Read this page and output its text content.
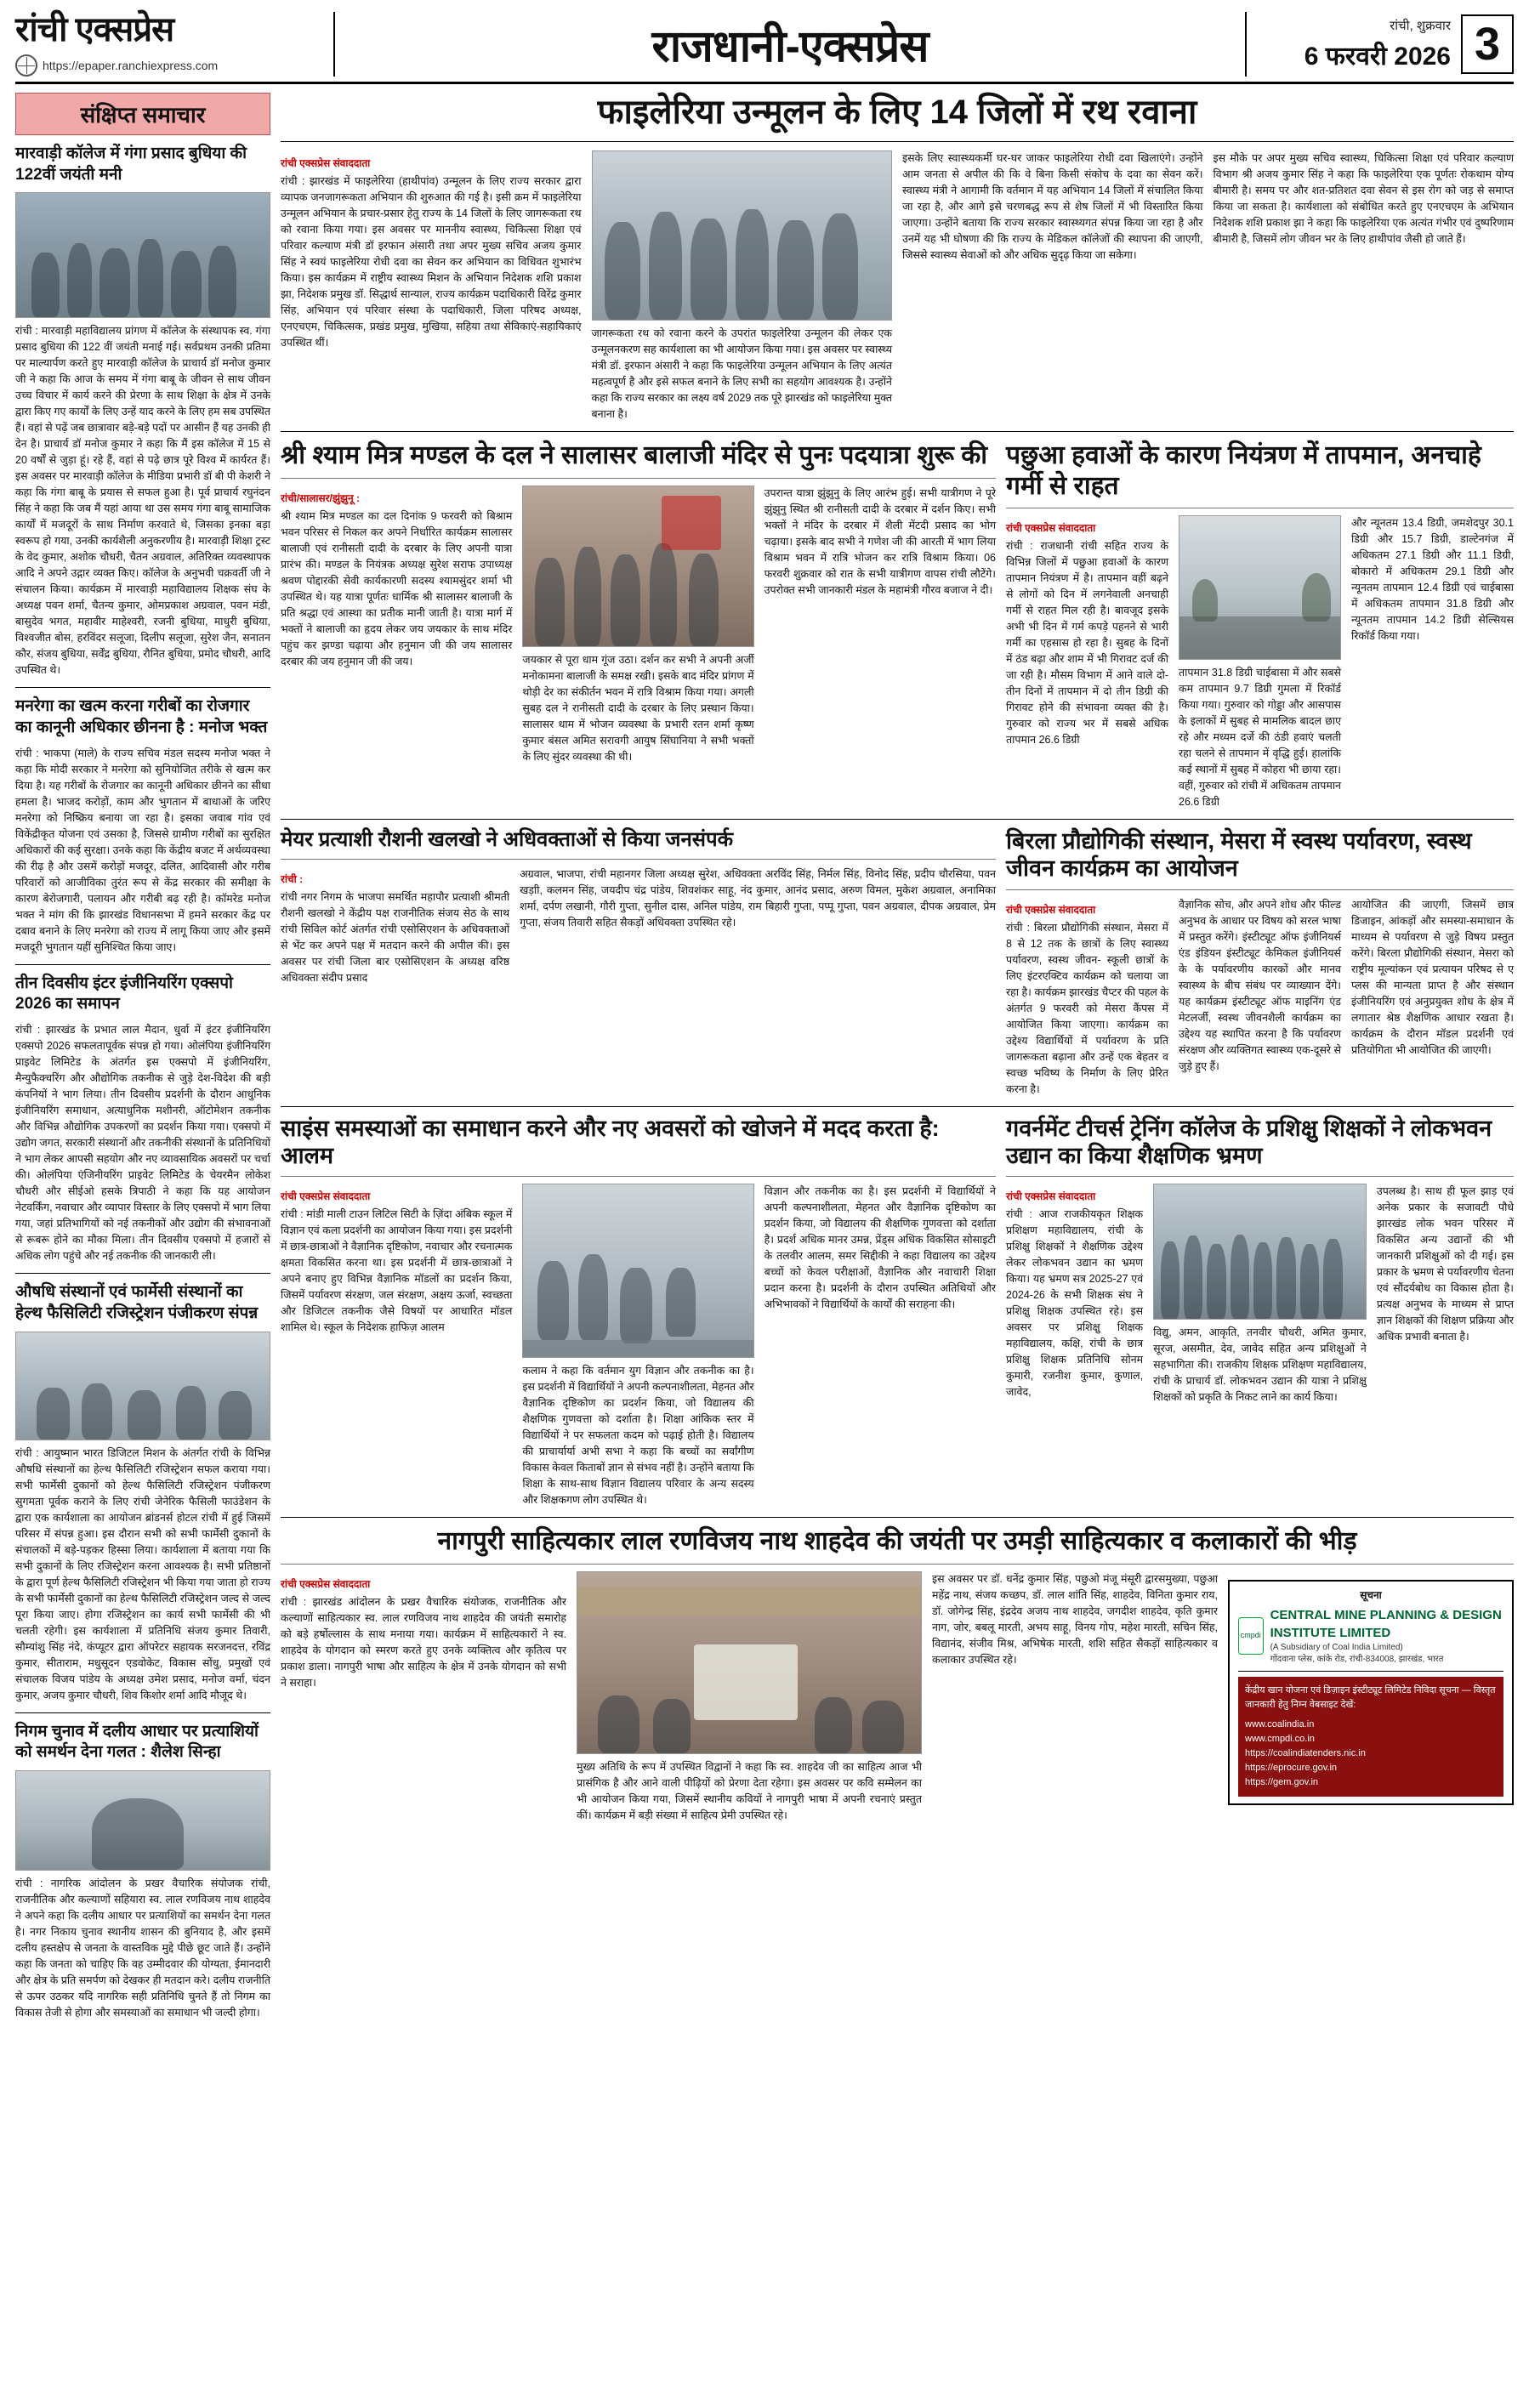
रांची एक्सप्रेस
https://epaper.ranchiexpress.com	राजधानी-एक्सप्रेस	रांची, शुक्रवार
6 फरवरी 2026 3
संक्षिप्त समाचार
मारवाड़ी कॉलेज में गंगा प्रसाद बुधिया की 122वीं जयंती मनी
रांची : मारवाड़ी महाविद्यालय प्रांगण में कॉलेज के संस्थापक स्व. गंगा प्रसाद बुधिया की 122 वीं जयंती मनाई गई। सर्वप्रथम उनकी प्रतिमा पर माल्यार्पण करते हुए मारवाड़ी कॉलेज के प्राचार्य डॉ मनोज कुमार जी ने कहा कि आज के समय में गंगा बाबू के जीवन से साथ जीवन उच्च विचार में कार्य करने की प्रेरणा के साथ शिक्षा के क्षेत्र में उनके द्वारा किए गए कार्यों के लिए उन्हें याद करने के लिए हम सब उपस्थित हैं। वहां से पढ़ें जब छात्रावार बड़े-बड़े पदों पर आसीन हैं यह उनकी ही देन है। प्राचार्य डॉ मनोज कुमार ने कहा कि मैं इस कॉलेज में 15 से 20 वर्षों से जुड़ा हूं। रहे हैं, वहां से पढ़े छात्र पूरे विश्व में कार्यरत हैं। इस अवसर पर मारवाड़ी कॉलेज के मीडिया प्रभारी डॉ बी पी केशरी ने कहा कि गंगा बाबू के प्रयास से सफल हुआ है। पूर्व प्राचार्य रघुनंदन सिंह ने कहा कि जब मैं यहां आया था उस समय गंगा बाबू सामाजिक कार्यों में मजदूरों के साथ निर्माण करवाते थे, जिसका इनका बड़ा स्वरूप हो गया, उनकी कार्यशैली अनुकरणीय है। मारवाड़ी शिक्षा ट्रस्ट के वेद कुमार, अशोक चौधरी, चैतन अग्रवाल, अतिरिक्त व्यवस्थापक आदि ने अपने उद्गार व्यक्त किए। कॉलेज के अनुभवी चक्रवर्ती जी ने संचालन किया। कार्यक्रम में मारवाड़ी महाविद्यालय शिक्षक संघ के अध्यक्ष पवन शर्मा, चैतन्य कुमार, ओमप्रकाश अग्रवाल, पवन मंडी, बासुदेव भगत, महावीर माहेश्वरी, रजनी बुधिया, माधुरी बुधिया, विश्वजीत बोस, हरविंदर सलूजा, दिलीप सलूजा, सुरेश जैन, सनातन कौर, संजय बुधिया, सर्वेंद्र बुधिया, रौनित बुधिया, प्रमोद चौधरी, आदि उपस्थित थे।
मनरेगा का खत्म करना गरीबों का रोजगार का कानूनी अधिकार छीनना है : मनोज भक्त
रांची : भाकपा (माले) के राज्य सचिव मंडल सदस्य मनोज भक्त ने कहा कि मोदी सरकार ने मनरेगा को सुनियोजित तरीके से खत्म कर दिया है। यह गरीबों के रोजगार का कानूनी अधिकार छीनने का सीधा हमला है। भाजद करोड़ों, काम और भुगतान में बाधाओं के जरिए मनरेगा को निष्क्रिय बनाया जा रहा है। इसका जवाब गांव एवं विकेंद्रीकृत योजना एवं उसका है, जिससे ग्रामीण गरीबों का सुरक्षित अधिकारों की कई सुरक्षा। उनके कहा कि केंद्रीय बजट में अर्थव्यवस्था की रीढ़ है और उसमें करोड़ों मजदूर, दलित, आदिवासी और गरीब परिवारों को आजीविका तुरंत रूप से केंद्र सरकार की समीक्षा के कारण बेरोजगारी, पलायन और गरीबी बढ़ रही है। कॉमरेड मनोज भक्त ने मांग की कि झारखंड विधानसभा में हमने सरकार केंद्र पर दबाव बनाने के लिए मनरेगा को राज्य में लागू किया जाए और इसमें मजदूरी भुगतान यहीं सुनिश्चित किया जाए।
तीन दिवसीय इंटर इंजीनियरिंग एक्सपो 2026 का समापन
रांची : झारखंड के प्रभात लाल मैदान, धुर्वा में इंटर इंजीनियरिंग एक्सपो 2026 सफलतापूर्वक संपन्न हो गया। ओलंपिया इंजीनियरिंग प्राइवेट लिमिटेड के अंतर्गत इस एक्सपो में इंजीनियरिंग, मैन्युफैक्चरिंग और औद्योगिक तकनीक से जुड़े देश-विदेश की बड़ी कंपनियों ने भाग लिया। तीन दिवसीय प्रदर्शनी के दौरान आधुनिक इंजीनियरिंग समाधान, अत्याधुनिक मशीनरी, ऑटोमेशन तकनीक और विभिन्न औद्योगिक उपकरणों का प्रदर्शन किया गया। एक्सपो में उद्योग जगत, सरकारी संस्थानों और तकनीकी संस्थानों के प्रतिनिधियों ने भाग लेकर आपसी सहयोग और नए व्यावसायिक अवसरों पर चर्चा की। ओलंपिया एंजिनीयरिंग प्राइवेट लिमिटेड के चेयरमैन लोकेश चौधरी और सीईओ हसके त्रिपाठी ने कहा कि यह आयोजन नेटवर्किंग, नवाचार और व्यापार विस्तार के लिए एक्सपो में भाग लिया गया, जहां प्रतिभागियों को नई तकनीकों और उद्योग की संभावनाओं से रूबरू होने का मौका मिला। तीन दिवसीय एक्सपो में हजारों से अधिक लोग पहुंचे और नई तकनीक की जानकारी ली।
औषधि संस्थानों एवं फार्मेसी संस्थानों का हेल्थ फैसिलिटी रजिस्ट्रेशन पंजीकरण संपन्न
रांची : आयुष्मान भारत डिजिटल मिशन के अंतर्गत रांची के विभिन्न औषधि संस्थानों का हेल्थ फैसिलिटी रजिस्ट्रेशन सफल कराया गया। सभी फार्मेसी दुकानों को हेल्थ फैसिलिटी रजिस्ट्रेशन पंजीकरण सुगमता पूर्वक कराने के लिए रांची जेनेरिक फैसिली फाउंडेशन के द्वारा एक कार्यशाला का आयोजन ब्रांडनर्स होटल रांची में हुई जिसमें परिसर में संपन्न हुआ। इस दौरान सभी को सभी फार्मेसी दुकानों के संचालकों में बड़े-पड़कर हिस्सा लिया। कार्यशाला में बताया गया कि सभी दुकानों के लिए रजिस्ट्रेशन करना आवश्यक है। सभी प्रतिष्ठानों के द्वारा पूर्ण हेल्थ फैसिलिटी रजिस्ट्रेशन भी किया गया जाता हो राज्य के सभी फार्मेसी दुकानों का हेल्थ फैसिलिटी रजिस्ट्रेशन जल्द से जल्द पूरा किया जाए। होगा रजिस्ट्रेशन का कार्य सभी फार्मेसी की भी चलती रहेगी। इस कार्यशाला में प्रतिनिधि संजय कुमार तिवारी, सौम्यांशु सिंह नंदे, कंप्यूटर द्वारा ऑपरेटर सहायक सरजनदत्त, रविंद्र कुमार, सीताराम, मधुसूदन एडवोकेट, विकास सोंधु, प्रमुखों एवं संचालक विजय पांडेय के अध्यक्ष उमेश प्रसाद, मनोज वर्मा, चंदन कुमार, अजय कुमार चौधरी, शिव किशोर शर्मा आदि मौजूद थे।
निगम चुनाव में दलीय आधार पर प्रत्याशियों को समर्थन देना गलत : शैलेश सिन्हा
रांची : नागरिक आंदोलन के प्रखर वैचारिक संयोजक रांची, राजनीतिक और कल्याणों सहियारा स्व. लाल रणविजय नाथ शाहदेव ने अपने कहा कि दलीय आधार पर प्रत्याशियों का समर्थन देना गलत है। नगर निकाय चुनाव स्थानीय शासन की बुनियाद है, और इसमें दलीय हस्तक्षेप से जनता के वास्तविक मुद्दे पीछे छूट जाते हैं। उन्होंने कहा कि जनता को चाहिए कि वह उम्मीदवार की योग्यता, ईमानदारी और क्षेत्र के प्रति समर्पण को देखकर ही मतदान करे। दलीय राजनीति से ऊपर उठकर यदि नागरिक सही प्रतिनिधि चुनते हैं तो निगम का विकास तेजी से होगा और समस्याओं का समाधान भी जल्दी होगा।
फाइलेरिया उन्मूलन के लिए 14 जिलों में रथ रवाना
रांची एक्सप्रेस संवाददाता
रांची : झारखंड में फाइलेरिया (हाथीपांव) उन्मूलन के लिए राज्य सरकार द्वारा व्यापक जनजागरूकता अभियान की शुरुआत की गई है। इसी क्रम में फाइलेरिया उन्मूलन अभियान के प्रचार-प्रसार हेतु राज्य के 14 जिलों के लिए जागरूकता रथ को रवाना किया गया। इस अवसर पर माननीय स्वास्थ्य, चिकित्सा शिक्षा एवं परिवार कल्याण मंत्री डॉ इरफान अंसारी तथा अपर मुख्य सचिव अजय कुमार सिंह ने स्वयं फाइलेरिया रोधी दवा का सेवन कर अभियान का विधिवत शुभारंभ किया। इस कार्यक्रम में राष्ट्रीय स्वास्थ्य मिशन के अभियान निदेशक शशि प्रकाश झा, निदेशक प्रमुख डॉ. सिद्धार्थ सान्याल, राज्य कार्यक्रम पदाधिकारी विरेंद्र कुमार सिंह, अभियान एवं परिवार संस्था के पदाधिकारी, जिला परिषद अध्यक्ष, एनएचएम, चिकित्सक, प्रखंड प्रमुख, मुखिया, सहिया तथा सेविकाएं-सहायिकाएं उपस्थित थीं।
जागरूकता रथ को रवाना करने के उपरांत फाइलेरिया उन्मूलन की लेकर एक उन्मूलनकरण सह कार्यशाला का भी आयोजन किया गया। इस अवसर पर स्वास्थ्य मंत्री डॉ. इरफान अंसारी ने कहा कि फाइलेरिया उन्मूलन अभियान के लिए अत्यंत महत्वपूर्ण है और इसे सफल बनाने के लिए सभी का सहयोग आवश्यक है। उन्होंने कहा कि राज्य सरकार का लक्ष्य वर्ष 2029 तक पूरे झारखंड को फाइलेरिया मुक्त बनाना है।
इसके लिए स्वास्थ्यकर्मी घर-घर जाकर फाइलेरिया रोधी दवा खिलाएंगे। उन्होंने आम जनता से अपील की कि वे बिना किसी संकोच के दवा का सेवन करें। स्वास्थ्य मंत्री ने आगामी कि वर्तमान में यह अभियान 14 जिलों में संचालित किया जा रहा है, और आगे इसे चरणबद्ध रूप से शेष जिलों में भी विस्तारित किया जाएगा। उन्होंने बताया कि राज्य सरकार स्वास्थ्यगत संपन्न किया जा रहा है और उनमें यह भी घोषणा की कि राज्य के मेडिकल कॉलेजों की स्थापना की जाएगी, जिससे स्वास्थ्य सेवाओं को और अधिक सुदृढ़ किया जा सकेगा।
इस मौके पर अपर मुख्य सचिव स्वास्थ्य, चिकित्सा शिक्षा एवं परिवार कल्याण विभाग श्री अजय कुमार सिंह ने कहा कि फाइलेरिया एक पूर्णतः रोकथाम योग्य बीमारी है। समय पर और शत-प्रतिशत दवा सेवन से इस रोग को जड़ से समाप्त किया जा सकता है। कार्यशाला को संबोधित करते हुए एनएचएम के अभियान निदेशक शशि प्रकाश झा ने कहा कि फाइलेरिया एक अत्यंत गंभीर एवं दुष्परिणाम बीमारी है, जिसमें लोग जीवन भर के लिए हाथीपांव जैसी हो जाते हैं।
श्री श्याम मित्र मण्डल के दल ने सालासर बालाजी मंदिर से पुनः पदयात्रा शुरू की
रांची/सालासर/झुंझुनू :
श्री श्याम मित्र मण्डल का दल दिनांक 9 फरवरी को बिश्राम भवन परिसर से निकल कर अपने निर्धारित कार्यक्रम सालासर बालाजी एवं रानीसती दादी के दरबार के लिए अपनी यात्रा प्रारंभ की। मण्डल के नियंत्रक अध्यक्ष सुरेश सराफ उपाध्यक्ष श्रवण पोद्दारकी सेवी कार्यकारणी सदस्य श्यामसुंदर शर्मा भी उपस्थित थे। यह यात्रा पूर्णतः धार्मिक श्री सालासर बालाजी के प्रति श्रद्धा एवं आस्था का प्रतीक मानी जाती है। यात्रा मार्ग में भक्तों ने बालाजी का हृदय लेकर जय जयकार के साथ मंदिर पहुंच कर झण्डा चढ़ाया और हनुमान जी की जय सालासर दरबार की जय हनुमान जी की जय।	जयकार से पूरा धाम गूंज उठा। दर्शन कर सभी ने अपनी अर्जी मनोकामना बालाजी के समक्ष रखी। इसके बाद मंदिर प्रांगण में थोड़ी देर का संकीर्तन भवन में रात्रि विश्राम किया गया। अगली सुबह दल ने रानीसती दादी के दरबार के लिए प्रस्थान किया। सालासर धाम में भोजन व्यवस्था के प्रभारी रतन शर्मा कृष्ण कुमार बंसल अमित सरावगी आयुष सिंघानिया ने सभी भक्तों के लिए सुंदर व्यवस्था की थी।
उपरान्त यात्रा झुंझुनु के लिए आरंभ हुई। सभी यात्रीगण ने पूरे झुंझुनु स्थित श्री रानीसती दादी के दरबार में दर्शन किए। सभी भक्तों ने मंदिर के दरबार में शैली मेंटदी प्रसाद का भोग चढ़ाया। इसके बाद सभी ने गणेश जी की आरती में भाग लिया विश्राम भवन में रात्रि भोजन कर रात्रि विश्राम किया। 06 फरवरी शुक्रवार को रात के सभी यात्रीगण वापस रांची लौटेंगे। उपरोक्त सभी जानकारी मंडल के महामंत्री गौरव बजाज ने दी।
पछुआ हवाओं के कारण नियंत्रण में तापमान, अनचाहे गर्मी से राहत
रांची एक्सप्रेस संवाददाता
रांची : राजधानी रांची सहित राज्य के विभिन्न जिलों में पछुआ हवाओं के कारण तापमान नियंत्रण में है। तापमान वहीं बढ़ने से लोगों को दिन में लगनेवाली अनचाही गर्मी से राहत मिल रही है। बावजूद इसके अभी भी दिन में गर्म कपड़े पहनने से भारी गर्मी का एहसास हो रहा है। सुबह के दिनों में ठंड बढ़ा और शाम में भी गिरावट दर्ज की जा रही है। मौसम विभाग में आने वाले दो-तीन दिनों में तापमान में दो तीन डिग्री की गिरावट होने की संभावना व्यक्त की है। गुरुवार को राज्य भर में सबसे अधिक तापमान 26.6 डिग्री
तापमान 31.8 डिग्री चाईबासा में और सबसे कम तापमान 9.7 डिग्री गुमला में रिकॉर्ड किया गया। गुरुवार को गोड्डा और आसपास के इलाकों में सुबह से मामलिक बादल छाए रहे और मध्यम दर्जे की ठंडी हवाएं चलती रहा चलने से तापमान में वृद्धि हुई। हालांकि कई स्थानों में सुबह में कोहरा भी छाया रहा। वहीं, गुरुवार को रांची में अधिकतम तापमान 26.6 डिग्री
और न्यूनतम 13.4 डिग्री, जमशेदपुर 30.1 डिग्री और 15.7 डिग्री, डाल्टेनगंज में अधिकतम 27.1 डिग्री और 11.1 डिग्री, बोकारो में अधिकतम 29.1 डिग्री और न्यूनतम तापमान 12.4 डिग्री एवं चाईबासा में अधिकतम तापमान 31.8 डिग्री और न्यूनतम तापमान 14.2 डिग्री सेल्सियस रिकॉर्ड किया गया।
मेयर प्रत्याशी रौशनी खलखो ने अधिवक्ताओं से किया जनसंपर्क
रांची :
रांची नगर निगम के भाजपा समर्थित महापौर प्रत्याशी श्रीमती रौशनी खलखो ने केंद्रीय पक्ष राजनीतिक संजय सेठ के साथ रांची सिविल कोर्ट अंतर्गत रांची एसोसिएशन के अधिवक्ताओं से भेंट कर अपने पक्ष में मतदान करने की अपील की। इस अवसर पर रांची जिला बार एसोसिएशन के अध्यक्ष वरिष्ठ अधिवक्ता संदीप प्रसाद
अग्रवाल, भाजपा, रांची महानगर जिला अध्यक्ष सुरेश, अधिवक्ता अरविंद सिंह, निर्मल सिंह, विनोद सिंह, प्रदीप चौरसिया, पवन खड़ाी, कलमन सिंह, जयदीप चंद्र पांडेय, शिवशंकर साहू, नंद कुमार, आनंद प्रसाद, अरुण विमल, मुकेश अग्रवाल, अनामिका शर्मा, दर्पण लखानी, गौरी गुप्ता, सुनील दास, अनिल पांडेय, राम बिहारी गुप्ता, पप्पू गुप्ता, पवन अग्रवाल, दीपक अग्रवाल, प्रेम गुप्ता, संजय तिवारी सहित सैकड़ों अधिवक्ता उपस्थित रहे।
बिरला प्रौद्योगिकी संस्थान, मेसरा में स्वस्थ पर्यावरण, स्वस्थ जीवन कार्यक्रम का आयोजन
रांची एक्सप्रेस संवाददाता
रांची : बिरला प्रौद्योगिकी संस्थान, मेसरा में 8 से 12 तक के छात्रों के लिए स्वास्थ्य पर्यावरण, स्वस्थ जीवन- स्कूली छात्रों के लिए इंटरएक्टिव कार्यक्रम को चलाया जा रहा है। कार्यक्रम झारखंड चैप्टर की पहल के अंतर्गत 9 फरवरी को मेसरा कैंपस में आयोजित किया जाएगा। कार्यक्रम का उद्देश्य विद्यार्थियों में पर्यावरण के प्रति जागरूकता बढ़ाना और उन्हें एक बेहतर व स्वच्छ भविष्य के निर्माण के लिए प्रेरित करना है।
वैज्ञानिक सोच, और अपने शोध और फील्ड अनुभव के आधार पर विषय को सरल भाषा में प्रस्तुत करेंगे। इंस्टीट्यूट ऑफ इंजीनियर्स एंड इंडियन इंस्टीट्यूट केमिकल इंजीनियर्स के के पर्यावरणीय कारकों और मानव स्वास्थ्य के बीच संबंध पर व्याख्यान देंगे। यह कार्यक्रम इंस्टीट्यूट ऑफ माइनिंग एंड मेटलर्जी, स्वस्थ जीवनशैली कार्यक्रम का उद्देश्य यह स्थापित करना है कि पर्यावरण संरक्षण और व्यक्तिगत स्वास्थ्य एक-दूसरे से जुड़े हुए हैं।
आयोजित की जाएगी, जिसमें छात्र डिजाइन, आंकड़ों और समस्या-समाधान के माध्यम से पर्यावरण से जुड़े विषय प्रस्तुत करेंगे। बिरला प्रौद्योगिकी संस्थान, मेसरा को राष्ट्रीय मूल्यांकन एवं प्रत्यायन परिषद से ए प्लस की मान्यता प्राप्त है और संस्थान इंजीनियरिंग एवं अनुप्रयुक्त शोध के क्षेत्र में लगातार श्रेष्ठ शैक्षणिक आधार रखता है। कार्यक्रम के दौरान मॉडल प्रदर्शनी एवं प्रतियोगिता भी आयोजित की जाएगी।
साइंस समस्याओं का समाधान करने और नए अवसरों को खोजने में मदद करता है: आलम
रांची एक्सप्रेस संवाददाता
रांची : मांडी माली टाउन लिटिल सिटी के ज़िंदा अंबिक स्कूल में विज्ञान एवं कला प्रदर्शनी का आयोजन किया गया। इस प्रदर्शनी में छात्र-छात्राओं ने वैज्ञानिक दृष्टिकोण, नवाचार और रचनात्मक क्षमता विकसित करना था। इस प्रदर्शनी में छात्र-छात्राओं ने अपने बनाए हुए विभिन्न वैज्ञानिक मॉडलों का प्रदर्शन किया, जिसमें पर्यावरण संरक्षण, जल संरक्षण, अक्षय ऊर्जा, स्वच्छता और डिजिटल तकनीक जैसे विषयों पर आधारित मॉडल शामिल थे। स्कूल के निदेशक हाफिज़ आलम
कलाम ने कहा कि वर्तमान युग विज्ञान और तकनीक का है। इस प्रदर्शनी में विद्यार्थियों ने अपनी कल्पनाशीलता, मेहनत और वैज्ञानिक दृष्टिकोण का प्रदर्शन किया, जो विद्यालय की शैक्षणिक गुणवत्ता को दर्शाता है। शिक्षा आंकिक स्तर में विद्यार्थियों ने पर सफलता कदम को पढ़ाई होती है। विद्यालय की प्राचार्यार्या अभी सभा ने कहा कि बच्चों का सर्वांगीण विकास केवल किताबों ज्ञान से संभव नहीं है। उन्होंने बताया कि शिक्षा के साथ-साथ विज्ञान विद्यालय परिवार के अन्य सदस्य और शिक्षकगण लोग उपस्थित थे।
विज्ञान और तकनीक का है। इस प्रदर्शनी में विद्यार्थियों ने अपनी कल्पनाशीलता, मेहनत और वैज्ञानिक दृष्टिकोण का प्रदर्शन किया, जो विद्यालय की शैक्षणिक गुणवत्ता को दर्शाता है। प्रदर्श अधिक मानर उमन्न, प्रेंड्स अधिक विकसित सोसाइटी के तलवीर आलम, समर सिद्दीकी ने कहा विद्यालय का उद्देश्य बच्चों को केवल परीक्षाओं, वैज्ञानिक और नवाचारी शिक्षा प्रदान करना है। प्रदर्शनी के दौरान उपस्थित अतिथियों और अभिभावकों ने विद्यार्थियों के कार्यों की सराहना की।
गवर्नमेंट टीचर्स ट्रेनिंग कॉलेज के प्रशिक्षु शिक्षकों ने लोकभवन उद्यान का किया शैक्षणिक भ्रमण
रांची एक्सप्रेस संवाददाता
रांची : आज राजकीयकृत शिक्षक प्रशिक्षण महाविद्यालय, रांची के प्रशिक्षु शिक्षकों ने शैक्षणिक उद्देश्य लेकर लोकभवन उद्यान का भ्रमण किया। यह भ्रमण सत्र 2025-27 एवं 2024-26 के सभी शिक्षक संघ ने प्रशिक्षु शिक्षक उपस्थित रहे। इस अवसर पर प्रशिक्षु शिक्षक महाविद्यालय, कक्षि, रांची के छात्र प्रशिक्षु शिक्षक प्रतिनिधि सोनम कुमारी, रजनीश कुमार, कुणाल, जावेद,
विद्यु, अमन, आकृति, तनवीर चौधरी, अमित कुमार, सूरज, असमीत, देव, जावेद सहित अन्य प्रशिक्षुओं ने सहभागिता की। राजकीय शिक्षक प्रशिक्षण महाविद्यालय, रांची के प्राचार्य डॉ. लोकभवन उद्यान की यात्रा ने प्रशिक्षु शिक्षकों को प्रकृति के निकट लाने का कार्य किया।
उपलब्ध है। साथ ही फूल झाड़ एवं अनेक प्रकार के सजावटी पौधे झारखंड लोक भवन परिसर में विकसित अन्य उद्यानों की भी जानकारी प्रशिक्षुओं को दी गई। इस प्रकार के भ्रमण से पर्यावरणीय चेतना एवं सौंदर्यबोध का विकास होता है। प्रत्यक्ष अनुभव के माध्यम से प्राप्त ज्ञान शिक्षकों की शिक्षण प्रक्रिया और अधिक प्रभावी बनाता है।
नागपुरी साहित्यकार लाल रणविजय नाथ शाहदेव की जयंती पर उमड़ी साहित्यकार व कलाकारों की भीड़
रांची एक्सप्रेस संवाददाता
रांची : झारखंड आंदोलन के प्रखर वैचारिक संयोजक, राजनीतिक और कल्याणों साहित्यकार स्व. लाल रणविजय नाथ शाहदेव की जयंती समारोह को बड़े हर्षोल्लास के साथ मनाया गया। कार्यक्रम में साहित्यकारों ने स्व. शाहदेव के योगदान को स्मरण करते हुए उनके व्यक्तित्व और कृतित्व पर प्रकाश डाला। नागपुरी भाषा और साहित्य के क्षेत्र में उनके योगदान को सभी ने सराहा।
मुख्य अतिथि के रूप में उपस्थित विद्वानों ने कहा कि स्व. शाहदेव जी का साहित्य आज भी प्रासंगिक है और आने वाली पीढ़ियों को प्रेरणा देता रहेगा। इस अवसर पर कवि सम्मेलन का भी आयोजन किया गया, जिसमें स्थानीय कवियों ने नागपुरी भाषा में अपनी रचनाएं प्रस्तुत कीं। कार्यक्रम में बड़ी संख्या में साहित्य प्रेमी उपस्थित रहे।
इस अवसर पर डॉ. धनेंद्र कुमार सिंह, पछुओ मंजू मंसूरी द्वारसमुख्या, पछुआ महेंद्र नाथ, संजय कच्छप, डॉ. लाल शांति सिंह, शाहदेव, विनिता कुमार राय, डॉ. जोगेन्द्र सिंह, इंद्रदेव अजय नाथ शाहदेव, जगदीश शाहदेव, कृति कुमार नाग, जोर, बबलू मारती, अभय साहू, विनय गोप, महेश मारती, सचिन सिंह, विद्यानंद, संजीव मिश्र, अभिषेक मारती, शशि सहित सैकड़ों साहित्यकार व कलाकार उपस्थित रहे।
सूचना
cmpdi
CENTRAL MINE PLANNING & DESIGN INSTITUTE LIMITED
(A Subsidiary of Coal India Limited)
गोंदवाना प्लेस, कांके रोड, रांची-834008, झारखंड, भारत
केंद्रीय खान योजना एवं डिज़ाइन इंस्टीट्यूट लिमिटेड निविदा सूचना — विस्तृत जानकारी हेतु निम्न वेबसाइट देखें:
www.coalindia.in
www.cmpdi.co.in
https://coalindiatenders.nic.in
https://eprocure.gov.in
https://gem.gov.in
